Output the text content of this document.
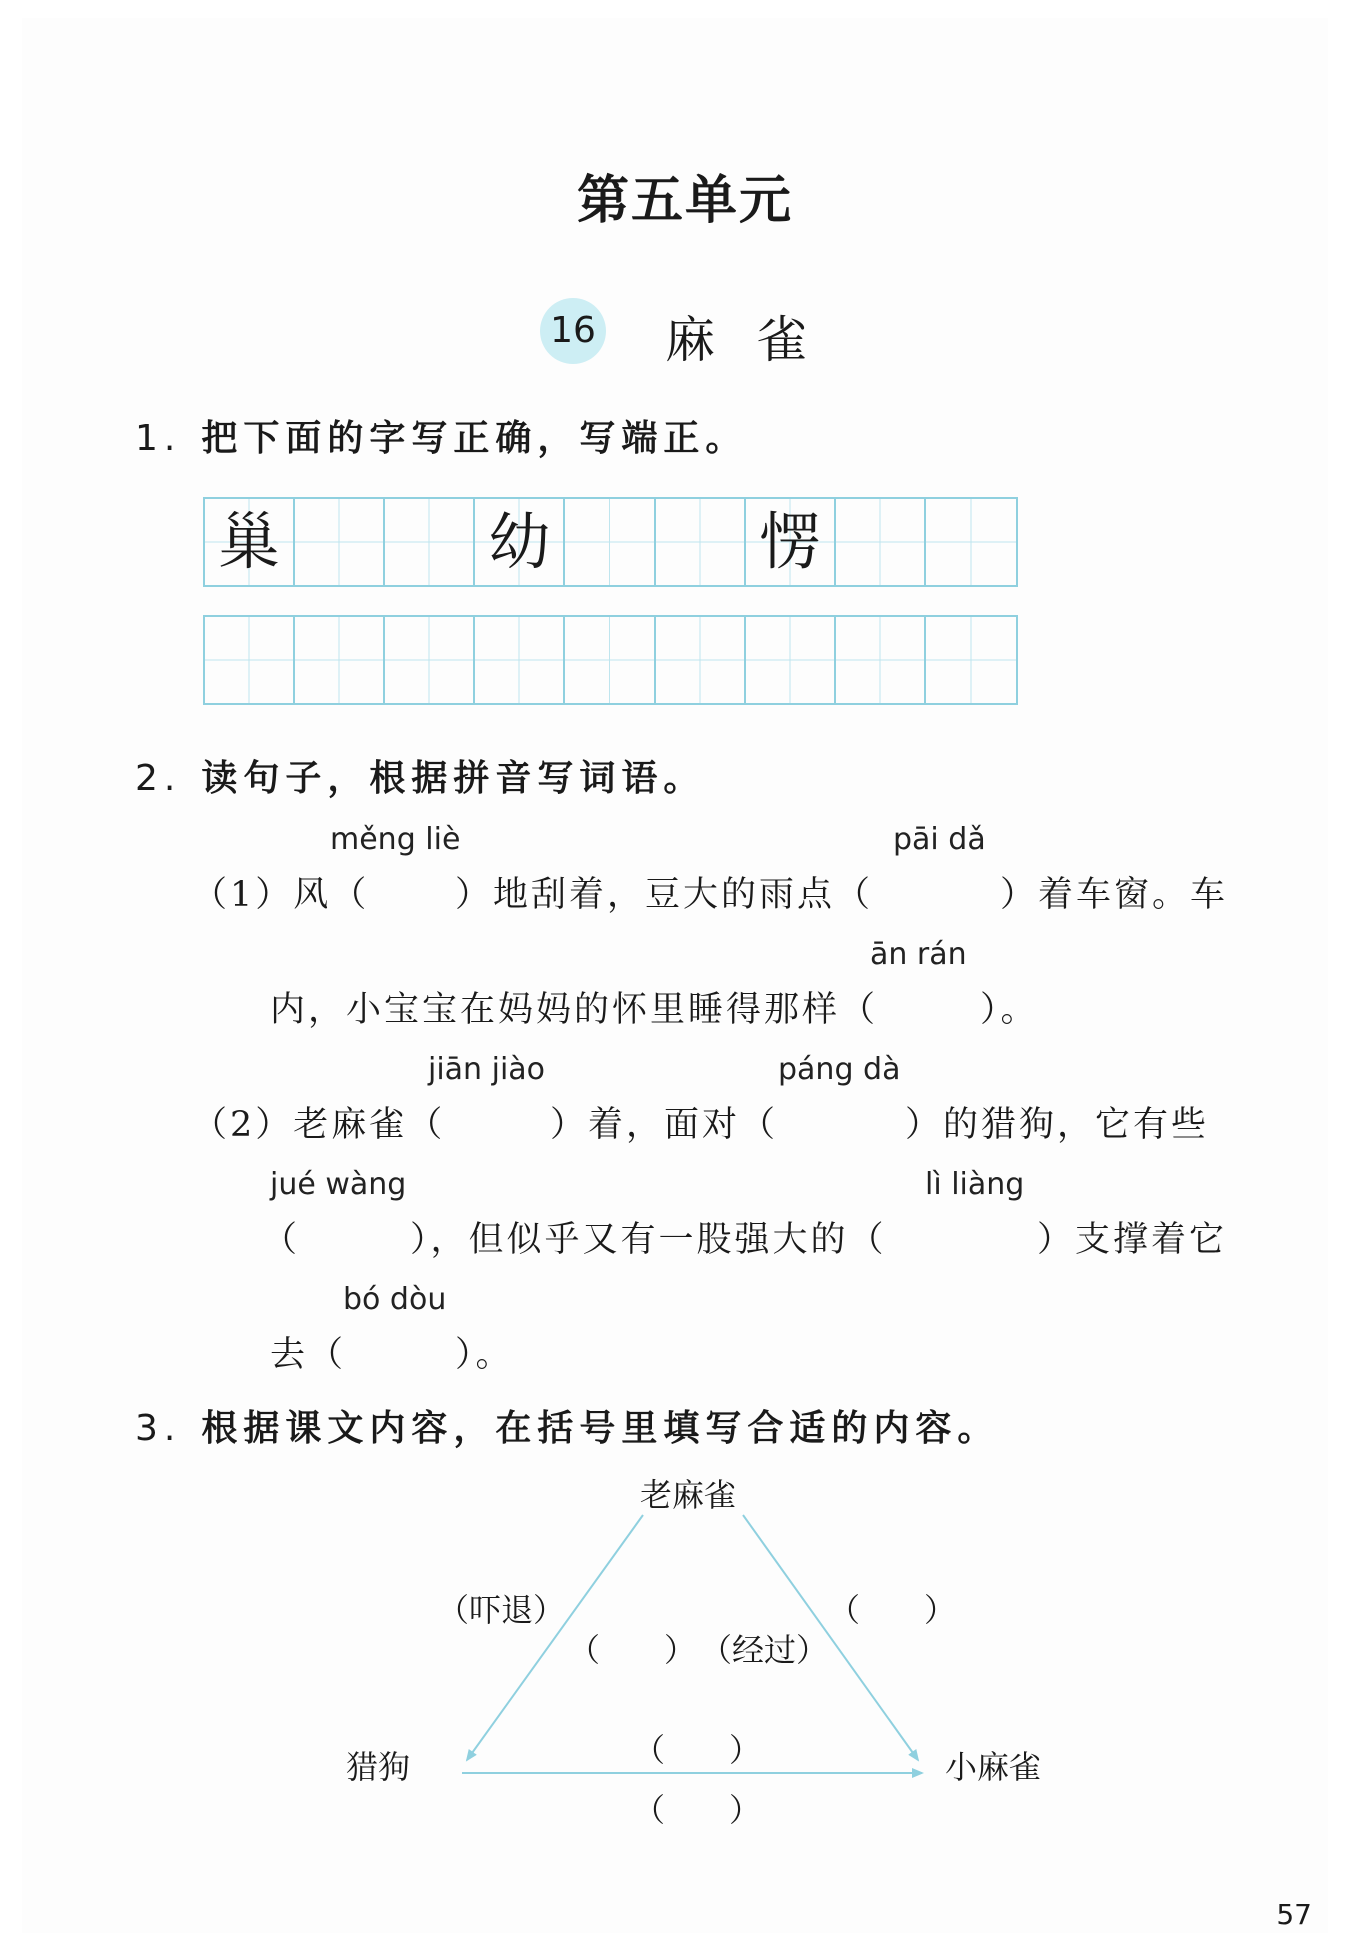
第五单元
16 麻雀
1. 把下面的字写正确，写端正。
巢	幼	愣
2. 读句子，根据拼音写词语。
měng liè	pāi dǎ
（1）风（ ）地刮着，豆大的雨点（	）着车窗。车
ān rán
内，小宝宝在妈妈的怀里睡得那样（	）。
jiān jiào	páng dà
（2）老麻雀（	）着，面对（	）的猎狗，它有些
jué wàng	lì liàng
（	），但似乎又有一股强大的（	）支撑着它
bó dòu
去（	）。
3. 根据课文内容，在括号里填写合适的内容。
老麻雀
猎狗	小麻雀
（吓退）
（　　） （经过）
（　　）
（　　）
（　　）
57
